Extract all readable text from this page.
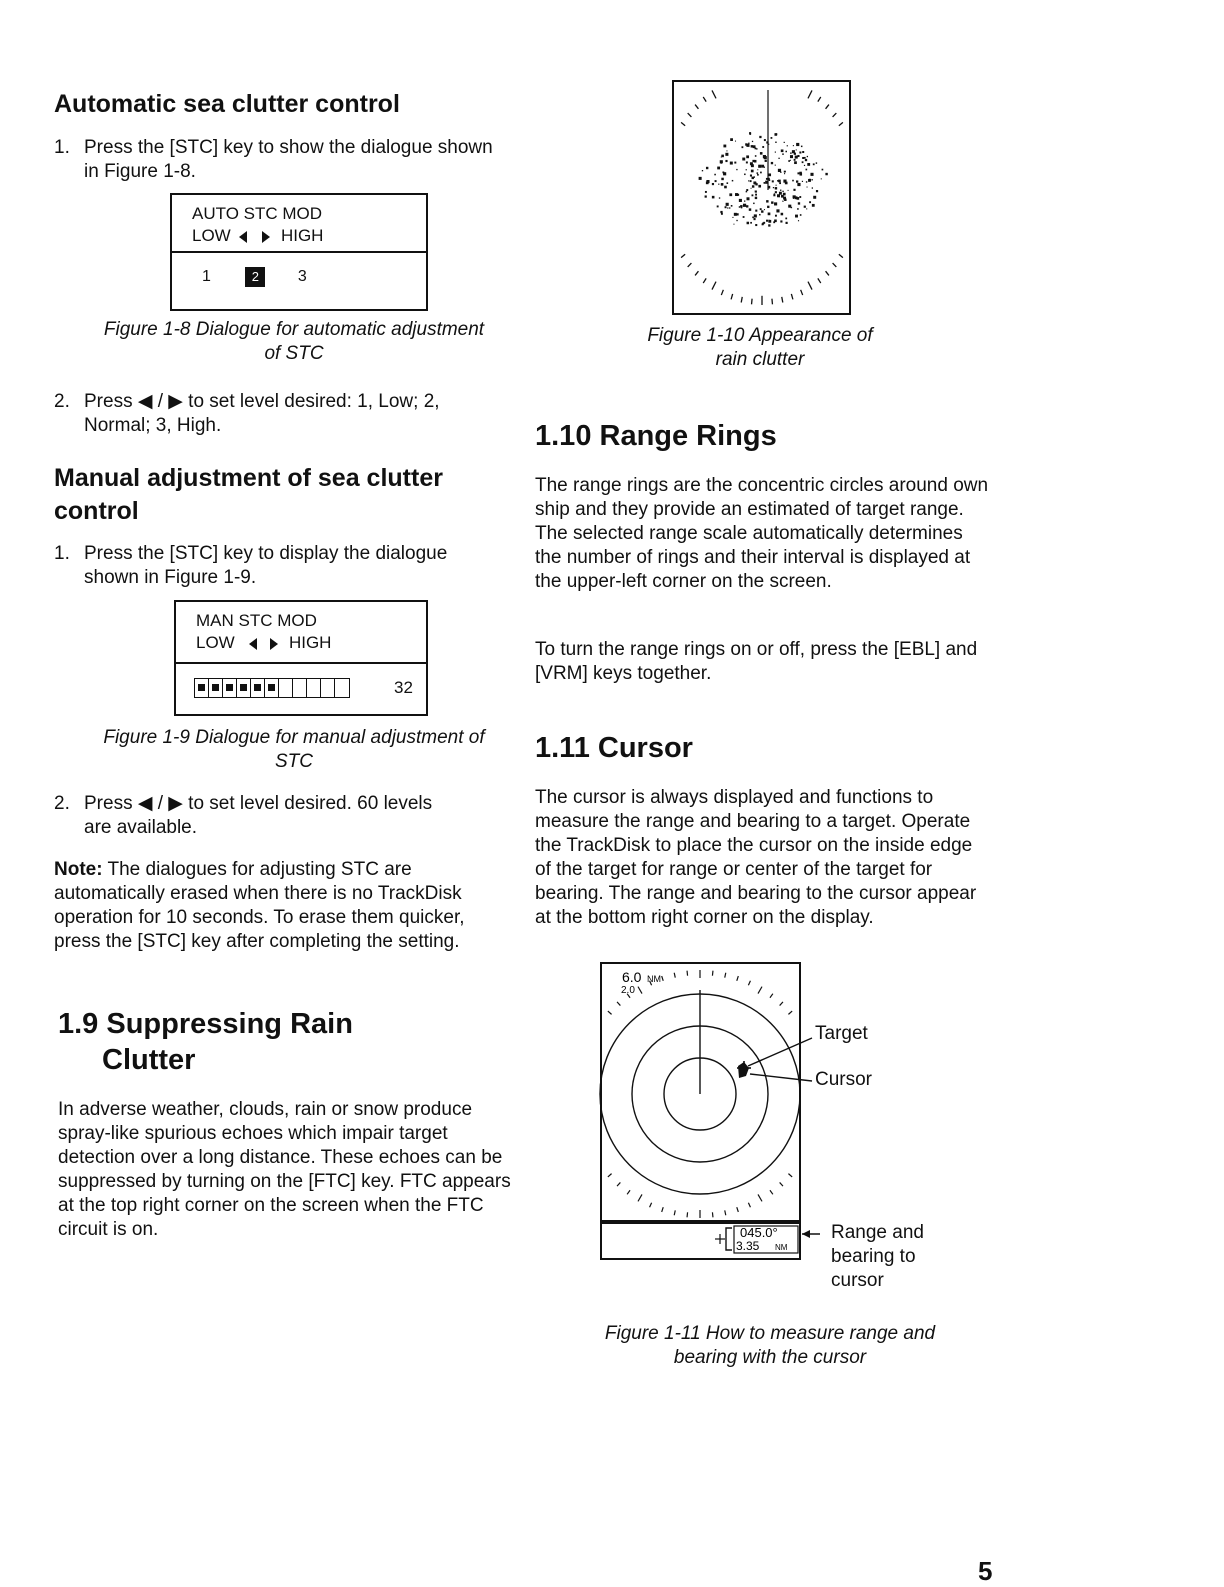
Automatic sea clutter control
1. Press the [STC] key to show the dialogue shown in Figure 1-8.
AUTO STC MOD
LOW	HIGH
1	2 3
Figure 1-8 Dialogue for automatic adjustment
of STC
2. Press ◀ / ▶ to set level desired: 1, Low; 2,
Normal; 3, High.
Manual adjustment of sea clutter
control
1. Press the [STC] key to display the dialogue shown in Figure 1-9.
MAN STC MOD
LOW	HIGH
32
Figure 1-9 Dialogue for manual adjustment of
STC
2. Press ◀ / ▶ to set level desired. 60 levels
are available.
Note: The dialogues for adjusting STC are automatically erased when there is no TrackDisk operation for 10 seconds. To erase them quicker, press the [STC] key after completing the setting.
1.9 Suppressing Rain
Clutter
In adverse weather, clouds, rain or snow produce spray-like spurious echoes which impair target detection over a long distance. These echoes can be suppressed by turning on the [FTC] key. FTC appears at the top right corner on the screen when the FTC circuit is on.
Figure 1-10 Appearance of
rain clutter
1.10 Range Rings
The range rings are the concentric circles around own ship and they provide an estimated of target range. The selected range scale automatically determines the number of rings and their interval is displayed at the upper-left corner on the screen.
To turn the range rings on or off, press the [EBL] and [VRM] keys together.
1.11 Cursor
The cursor is always displayed and functions to measure the range and bearing to a target. Operate the TrackDisk to place the cursor on the inside edge of the target for range or center of the target for bearing. The range and bearing to the cursor appear at the bottom right corner on the display.
6.0 NM
2.0
045.0°
3.35 NM
Target
Cursor
Range and
bearing to
cursor
Figure 1-11 How to measure range and
bearing with the cursor
5
